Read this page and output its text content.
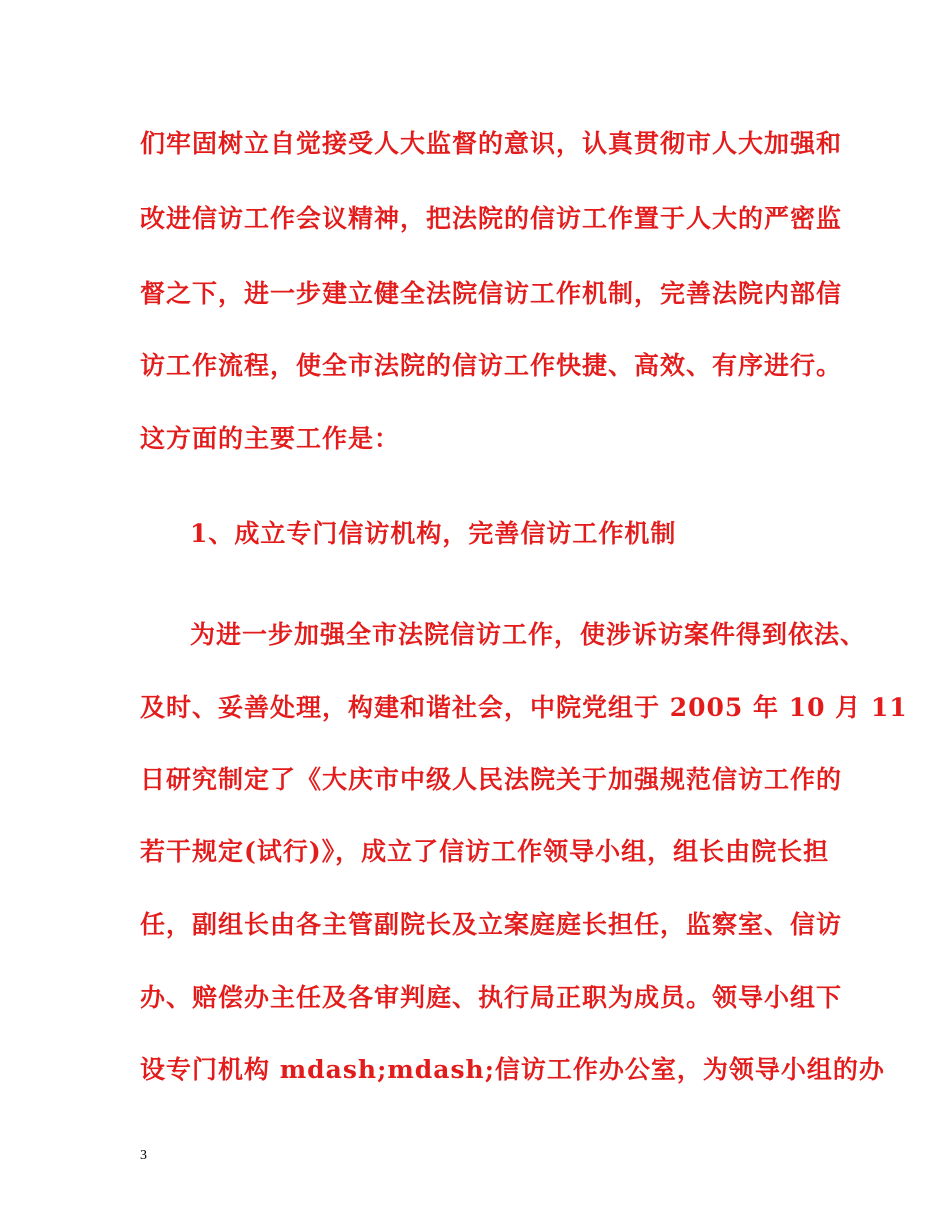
们牢固树立自觉接受人大监督的意识，认真贯彻市人大加强和
改进信访工作会议精神，把法院的信访工作置于人大的严密监
督之下，进一步建立健全法院信访工作机制，完善法院内部信
访工作流程，使全市法院的信访工作快捷、高效、有序进行。
这方面的主要工作是：
1、成立专门信访机构，完善信访工作机制
为进一步加强全市法院信访工作，使涉诉访案件得到依法、
及时、妥善处理，构建和谐社会，中院党组于 2005 年 10 月 11
日研究制定了《大庆市中级人民法院关于加强规范信访工作的
若干规定(试行)》，成立了信访工作领导小组，组长由院长担
任，副组长由各主管副院长及立案庭庭长担任，监察室、信访
办、赔偿办主任及各审判庭、执行局正职为成员。领导小组下
设专门机构 mdash;mdash;信访工作办公室，为领导小组的办
3
